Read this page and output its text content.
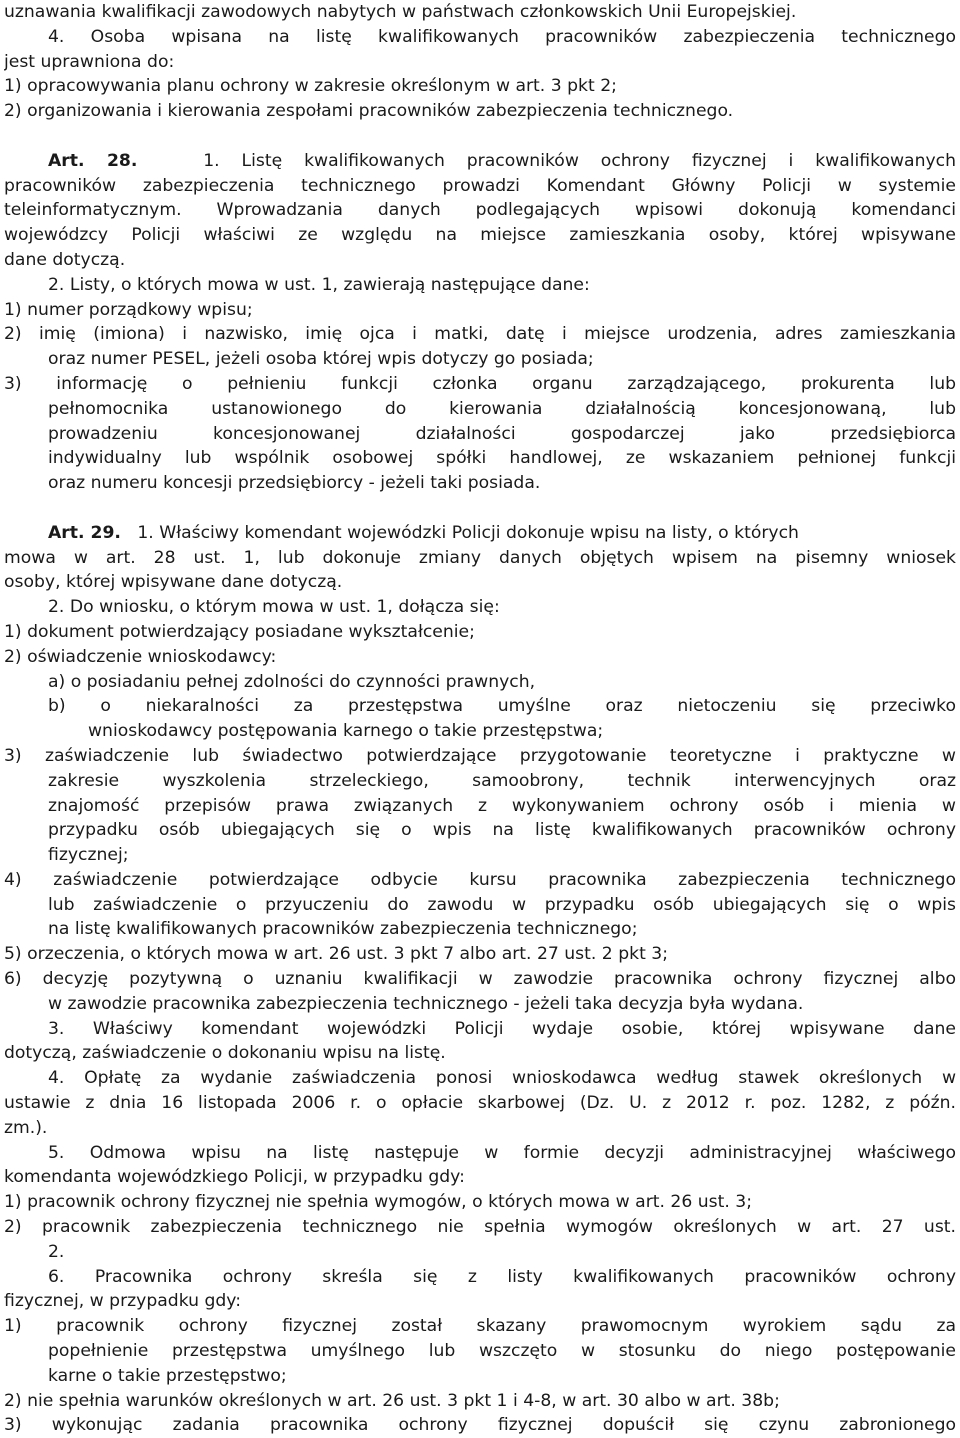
uznawania kwalifikacji zawodowych nabytych w państwach członkowskich Unii Europejskiej.
4. Osoba wpisana na listę kwalifikowanych pracowników zabezpieczenia technicznego
jest uprawniona do:
1) opracowywania planu ochrony w zakresie określonym w art. 3 pkt 2;
2) organizowania i kierowania zespołami pracowników zabezpieczenia technicznego.
Art. 28.	1. Listę kwalifikowanych pracowników ochrony fizycznej i kwalifikowanych
pracowników zabezpieczenia technicznego prowadzi Komendant Główny Policji w systemie
teleinformatycznym. Wprowadzania danych podlegających wpisowi dokonują komendanci
wojewódzcy Policji właściwi ze względu na miejsce zamieszkania osoby, której wpisywane
dane dotyczą.
2. Listy, o których mowa w ust. 1, zawierają następujące dane:
1) numer porządkowy wpisu;
2) imię (imiona) i nazwisko, imię ojca i matki, datę i miejsce urodzenia, adres zamieszkania
oraz numer PESEL, jeżeli osoba której wpis dotyczy go posiada;
3) informację o pełnieniu funkcji członka organu zarządzającego, prokurenta lub
pełnomocnika ustanowionego do kierowania działalnością koncesjonowaną, lub
prowadzeniu koncesjonowanej działalności gospodarczej jako przedsiębiorca
indywidualny lub wspólnik osobowej spółki handlowej, ze wskazaniem pełnionej funkcji
oraz numeru koncesji przedsiębiorcy - jeżeli taki posiada.
Art. 29. 1. Właściwy komendant wojewódzki Policji dokonuje wpisu na listy, o których
mowa w art. 28 ust. 1, lub dokonuje zmiany danych objętych wpisem na pisemny wniosek
osoby, której wpisywane dane dotyczą.
2. Do wniosku, o którym mowa w ust. 1, dołącza się:
1) dokument potwierdzający posiadane wykształcenie;
2) oświadczenie wnioskodawcy:
a) o posiadaniu pełnej zdolności do czynności prawnych,
b) o niekaralności za przestępstwa umyślne oraz nietoczeniu się przeciwko
wnioskodawcy postępowania karnego o takie przestępstwa;
3) zaświadczenie lub świadectwo potwierdzające przygotowanie teoretyczne i praktyczne w
zakresie wyszkolenia strzeleckiego, samoobrony, technik interwencyjnych oraz
znajomość przepisów prawa związanych z wykonywaniem ochrony osób i mienia w
przypadku osób ubiegających się o wpis na listę kwalifikowanych pracowników ochrony
fizycznej;
4) zaświadczenie potwierdzające odbycie kursu pracownika zabezpieczenia technicznego
lub zaświadczenie o przyuczeniu do zawodu w przypadku osób ubiegających się o wpis
na listę kwalifikowanych pracowników zabezpieczenia technicznego;
5) orzeczenia, o których mowa w art. 26 ust. 3 pkt 7 albo art. 27 ust. 2 pkt 3;
6) decyzję pozytywną o uznaniu kwalifikacji w zawodzie pracownika ochrony fizycznej albo
w zawodzie pracownika zabezpieczenia technicznego - jeżeli taka decyzja była wydana.
3. Właściwy komendant wojewódzki Policji wydaje osobie, której wpisywane dane
dotyczą, zaświadczenie o dokonaniu wpisu na listę.
4. Opłatę za wydanie zaświadczenia ponosi wnioskodawca według stawek określonych w
ustawie z dnia 16 listopada 2006 r. o opłacie skarbowej (Dz. U. z 2012 r. poz. 1282, z późn.
zm.).
5. Odmowa wpisu na listę następuje w formie decyzji administracyjnej właściwego
komendanta wojewódzkiego Policji, w przypadku gdy:
1) pracownik ochrony fizycznej nie spełnia wymogów, o których mowa w art. 26 ust. 3;
2) pracownik zabezpieczenia technicznego nie spełnia wymogów określonych w art. 27 ust.
2.
6. Pracownika ochrony skreśla się z listy kwalifikowanych pracowników ochrony
fizycznej, w przypadku gdy:
1) pracownik ochrony fizycznej został skazany prawomocnym wyrokiem sądu za
popełnienie przestępstwa umyślnego lub wszczęto w stosunku do niego postępowanie
karne o takie przestępstwo;
2) nie spełnia warunków określonych w art. 26 ust. 3 pkt 1 i 4-8, w art. 30 albo w art. 38b;
3) wykonując zadania pracownika ochrony fizycznej dopuścił się czynu zabronionego
